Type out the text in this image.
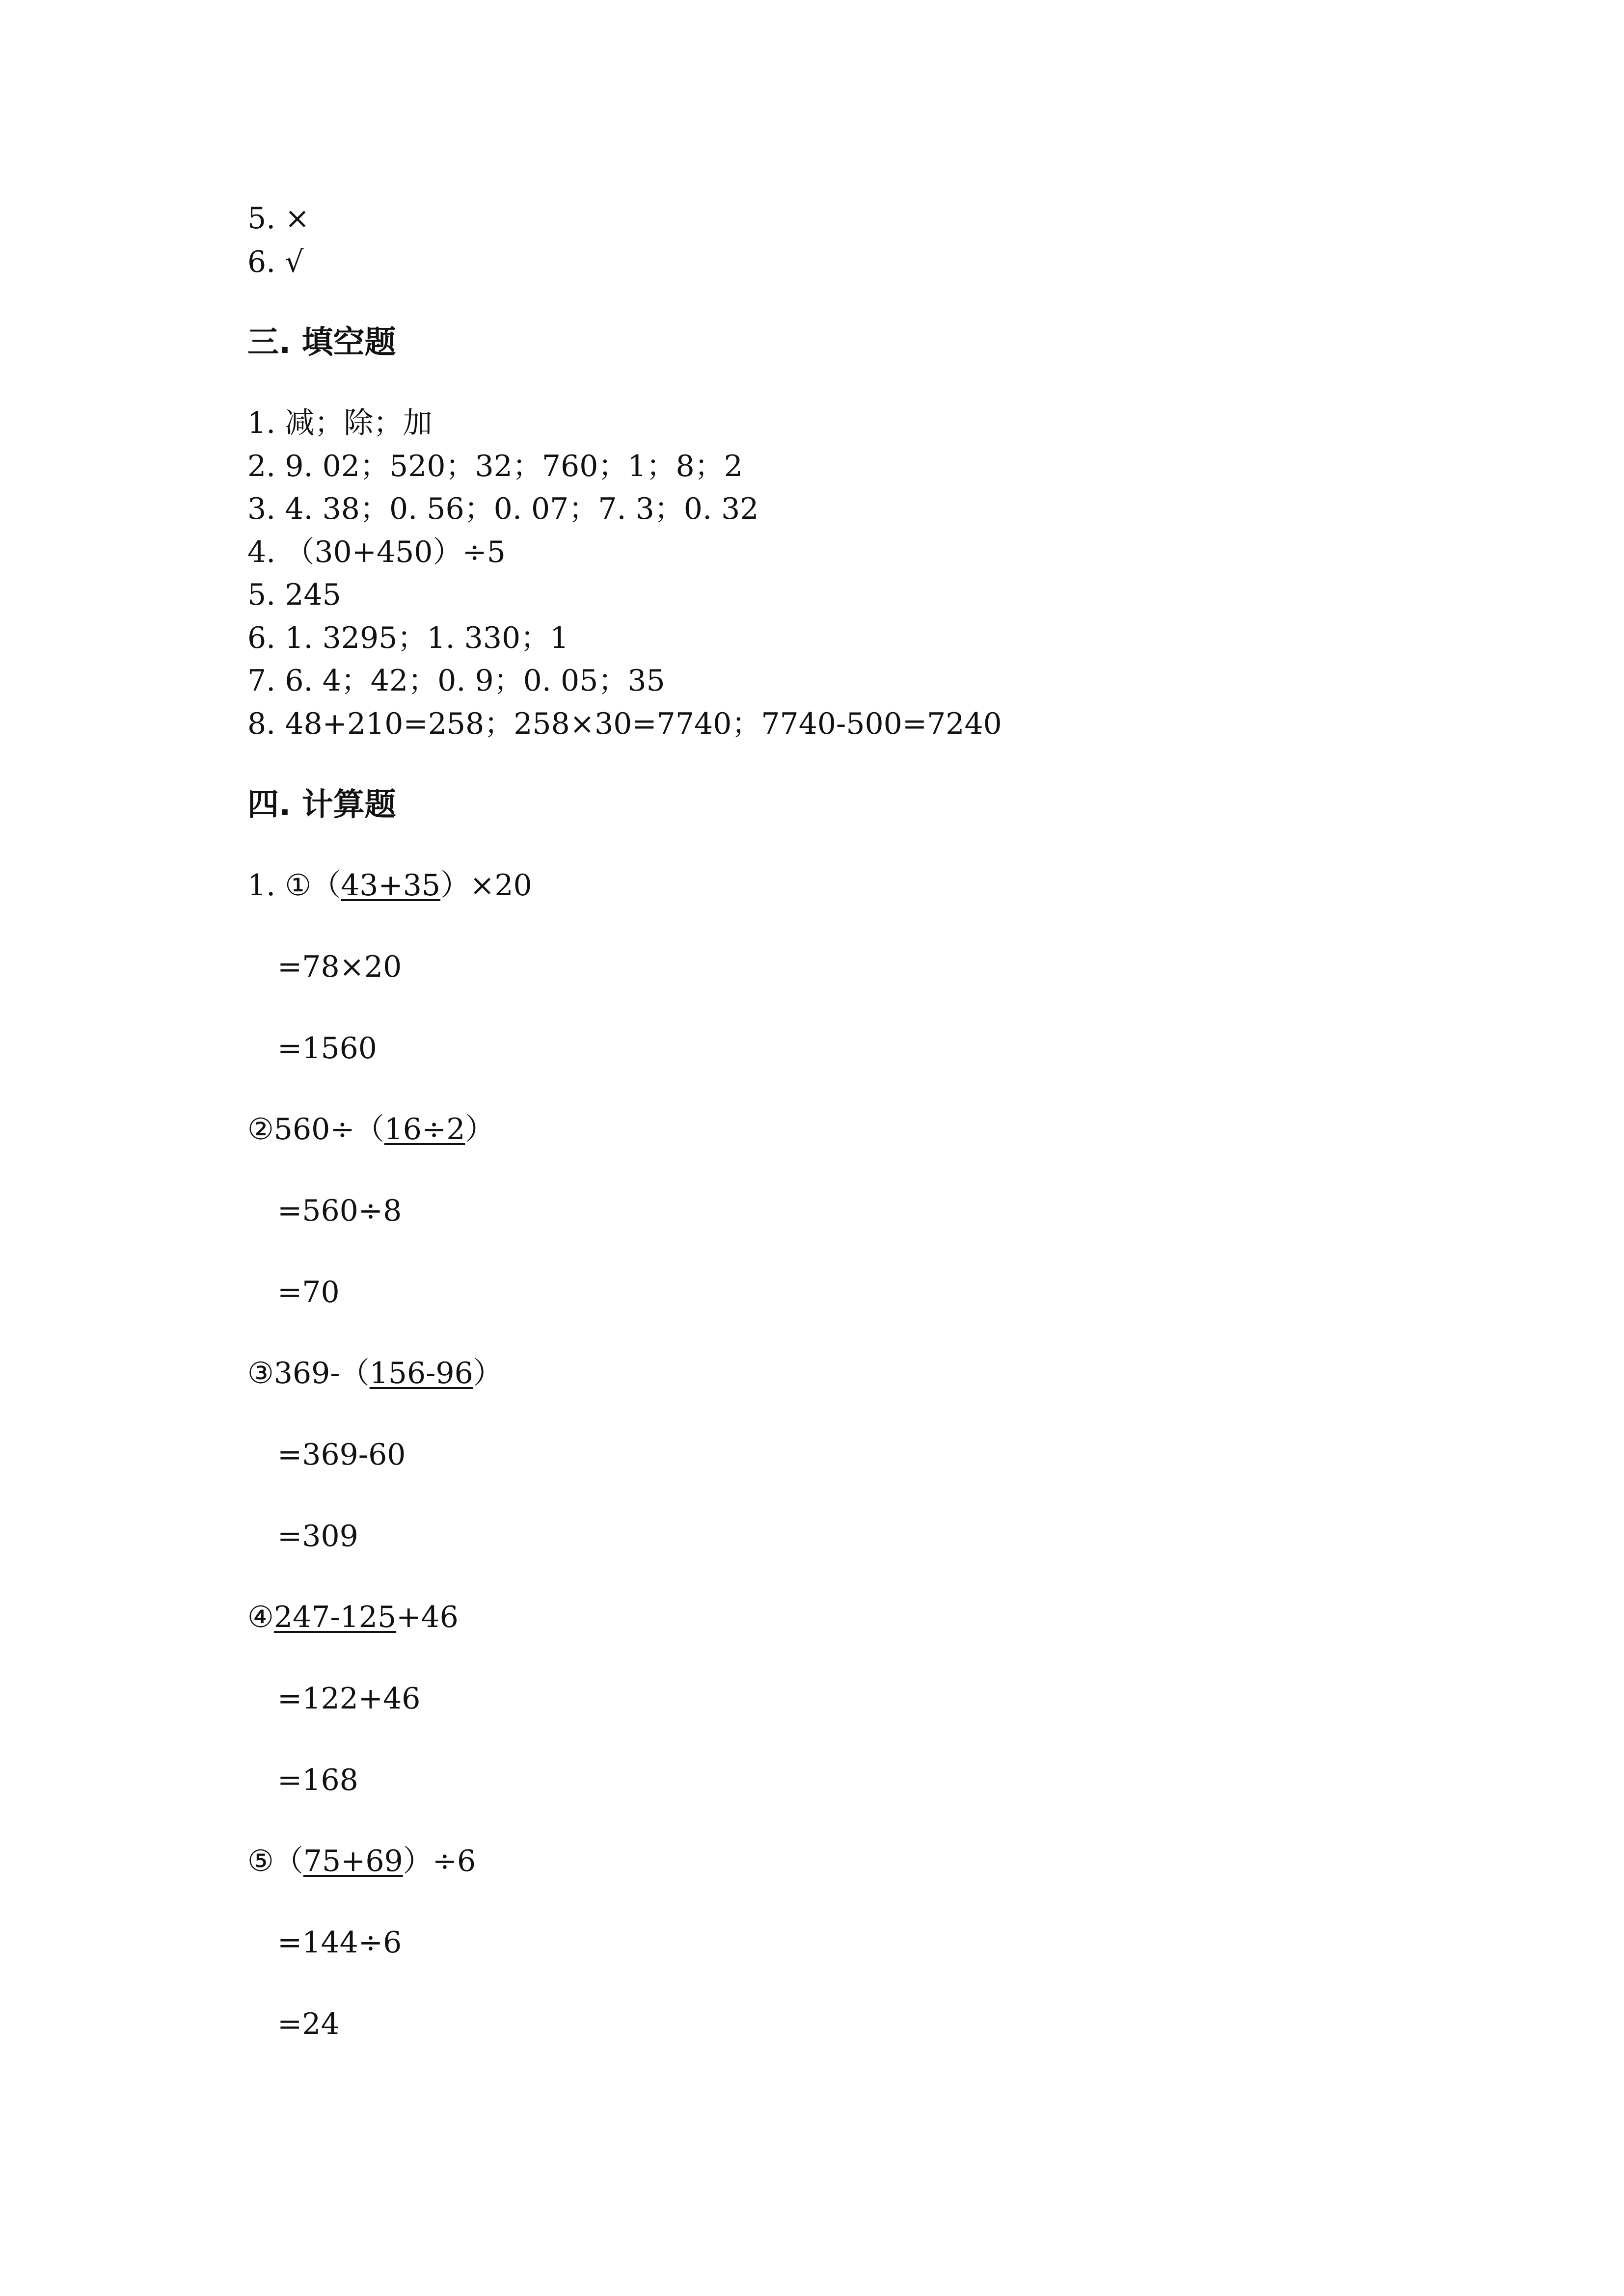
5. ×
6. √
三. 填空题
1. 减；除；加
2. 9. 02；520；32；760；1；8；2
3. 4. 38；0. 56；0. 07；7. 3；0. 32
4. （30+450）÷5
5. 245
6. 1. 3295；1. 330；1
7. 6. 4；42；0. 9；0. 05；35
8. 48+210=258；258×30=7740；7740-500=7240
四. 计算题
1. ①（43+35）×20
=78×20
=1560
②560÷（16÷2）
=560÷8
=70
③369-（156-96）
=369-60
=309
④247-125+46
=122+46
=168
⑤（75+69）÷6
=144÷6
=24
